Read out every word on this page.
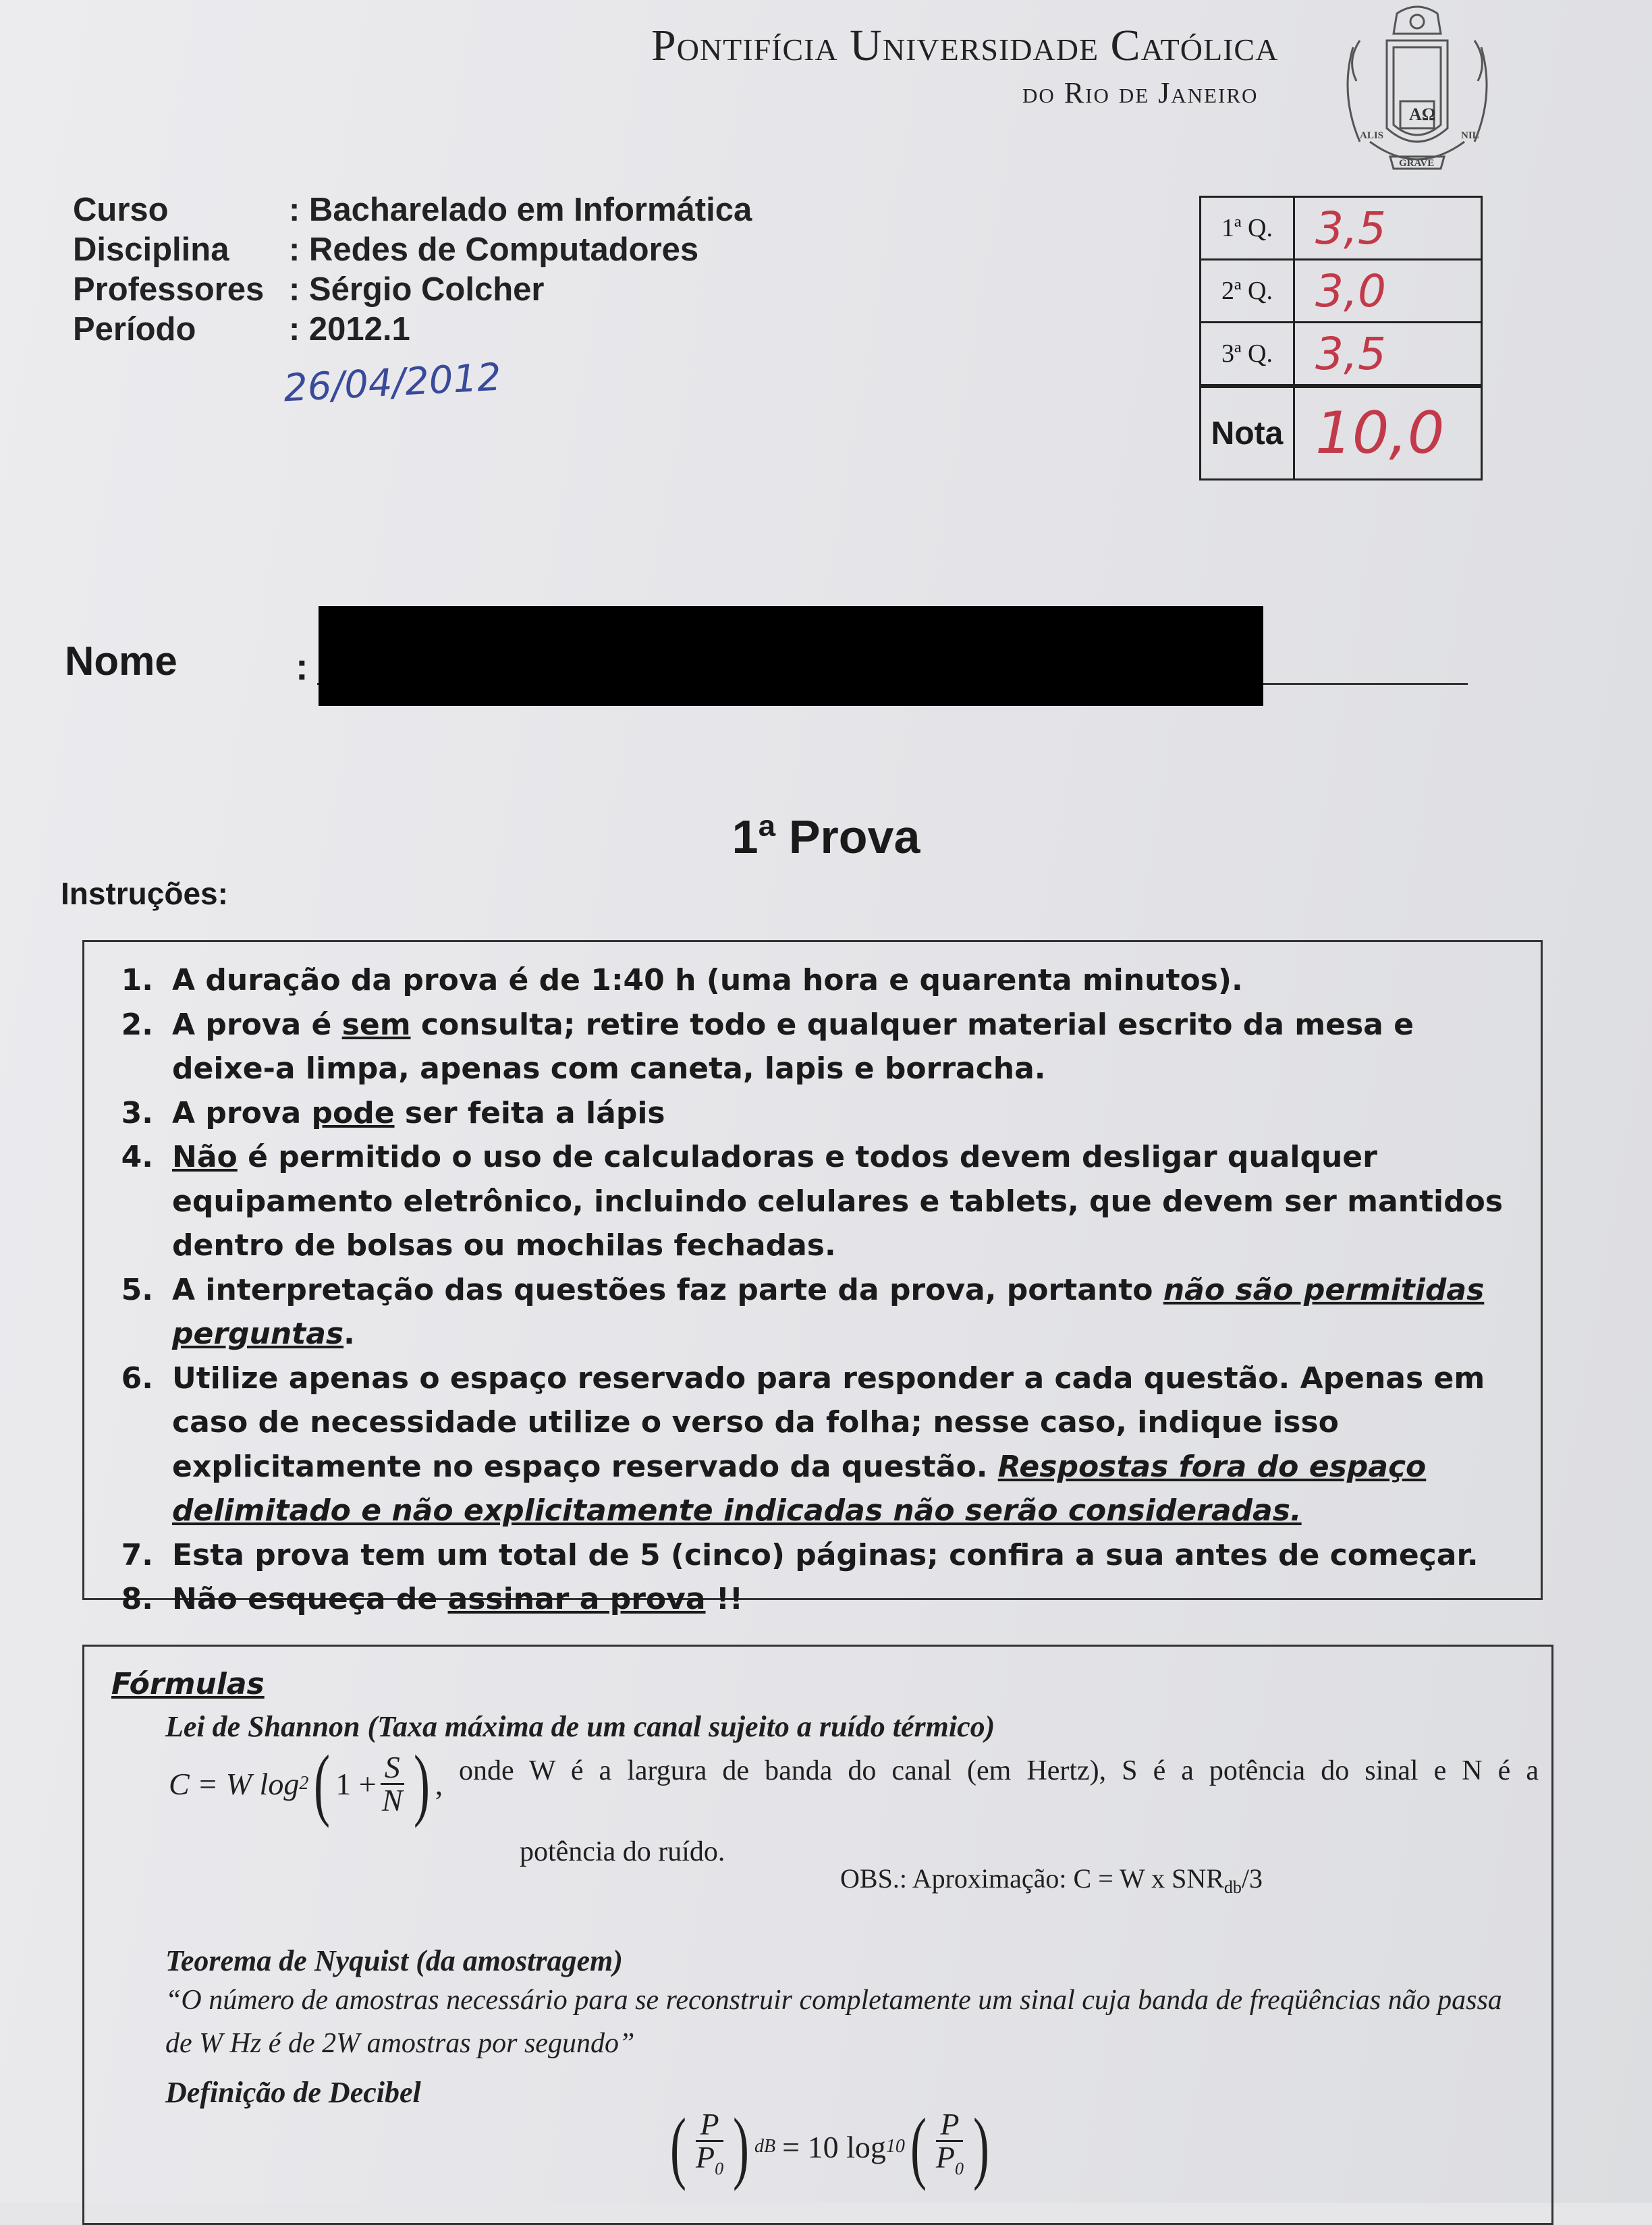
Pontifícia Universidade Católica
do Rio de Janeiro
AΩ
GRAVE
ALIS	NIL
Curso	: Bacharelado em Informática
Disciplina	: Redes de Computadores
Professores : Sérgio Colcher
Período	: 2012.1
26/04/2012
1ª Q.	3,5
2ª Q.	3,0
3ª Q.	3,5
Nota	10,0
Nome	:
1ª Prova
Instruções:
1. A duração da prova é de 1:40 h (uma hora e quarenta minutos).
2. A prova é sem consulta; retire todo e qualquer material escrito da mesa e deixe-a limpa, apenas com caneta, lapis e borracha.
3. A prova pode ser feita a lápis
4. Não é permitido o uso de calculadoras e todos devem desligar qualquer equipamento eletrônico, incluindo celulares e tablets, que devem ser mantidos dentro de bolsas ou mochilas fechadas.
5. A interpretação das questões faz parte da prova, portanto não são permitidas perguntas.
6. Utilize apenas o espaço reservado para responder a cada questão. Apenas em caso de necessidade utilize o verso da folha; nesse caso, indique isso explicitamente no espaço reservado da questão. Respostas fora do espaço delimitado e não explicitamente indicadas não serão consideradas.
7. Esta prova tem um total de 5 (cinco) páginas; confira a sua antes de começar.
8. Não esqueça de assinar a prova !!
Fórmulas
Lei de Shannon (Taxa máxima de um canal sujeito a ruído térmico)
C = W log 2 ( $1 + \frac{S}{N}$ ) , onde W é a largura de banda do canal (em Hertz), S é a potência do sinal e N é a
potência do ruído.
OBS.: Aproximação: C = W x $SNR_{db}/3$
Teorema de Nyquist (da amostragem)
“O número de amostras necessário para se reconstruir completamente um sinal cuja banda de freqüências não passa de W Hz é de 2W amostras por segundo”
Definição de Decibel
( $\frac{P}{P_0}$ ) dB = 10 log 10 ( $\frac{P}{P_0}$ )
